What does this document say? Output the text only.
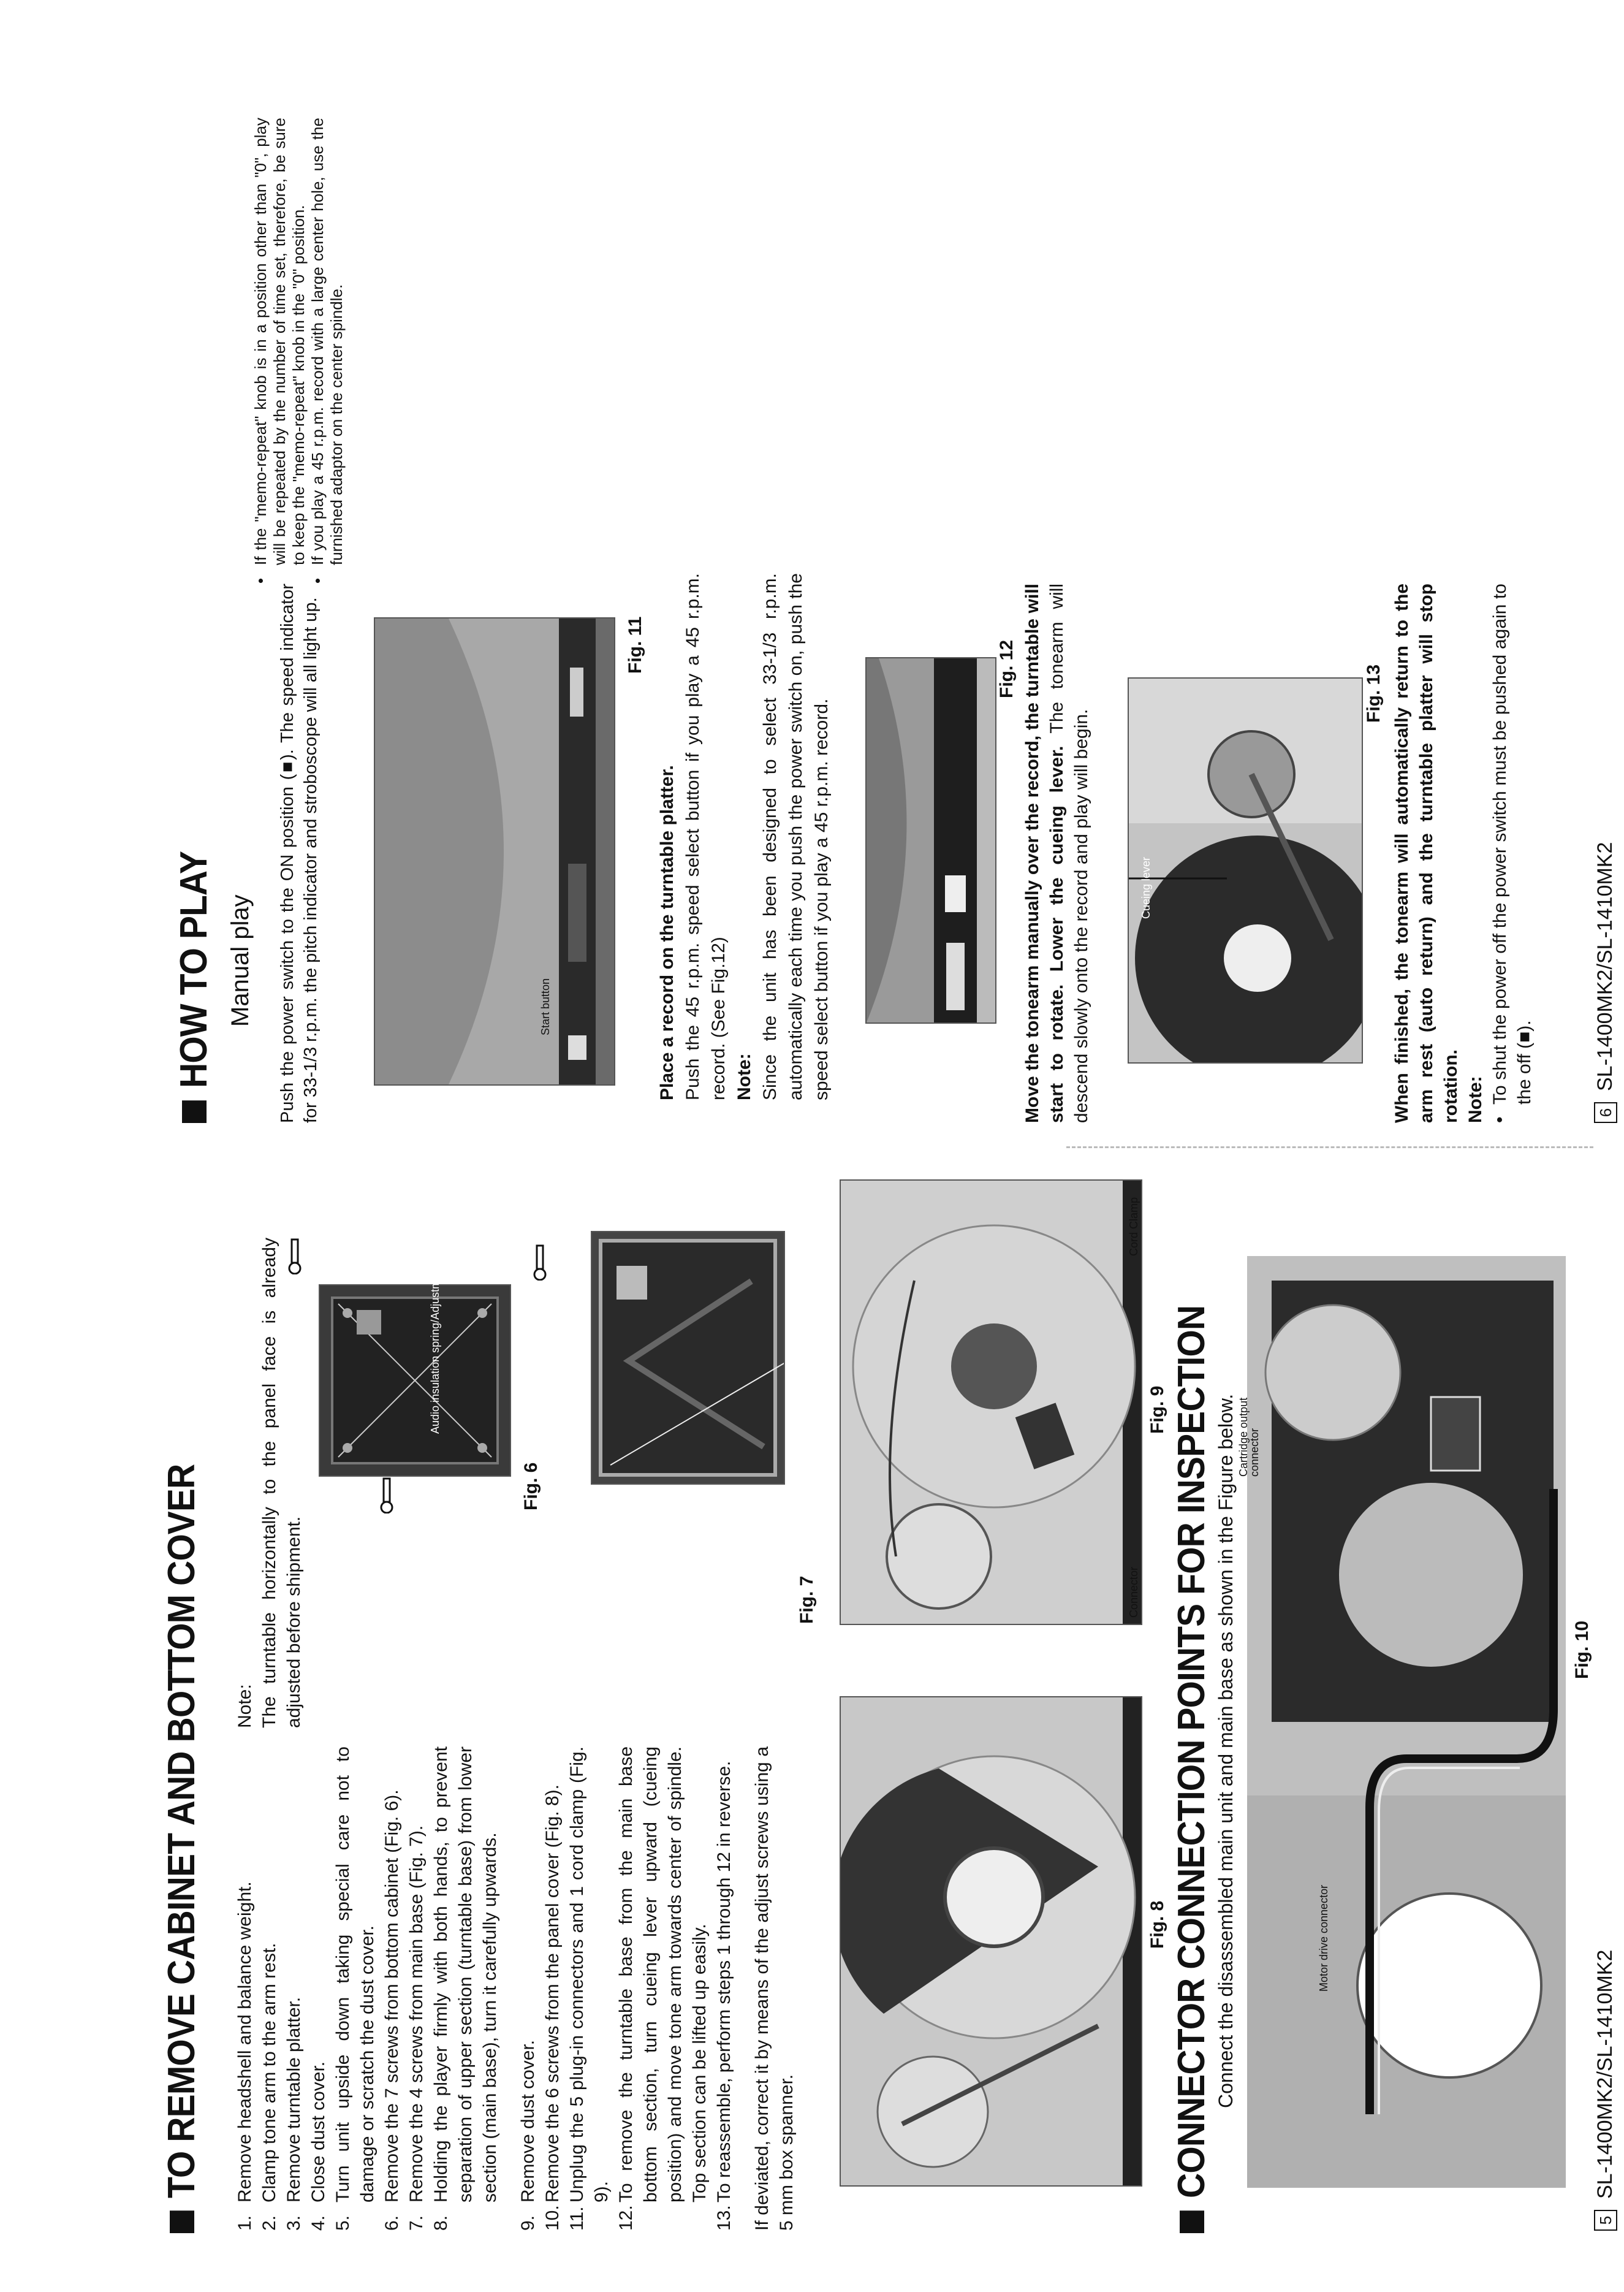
TO REMOVE CABINET AND BOTTOM COVER
1.
Remove headshell and balance weight.
2.
Clamp tone arm to the arm rest.
3.
Remove turntable platter.
4.
Close dust cover.
5.
Turn unit upside down taking special care not to damage or scratch the dust cover.
6.
Remove the 7 screws from bottom cabinet (Fig. 6).
7.
Remove the 4 screws from main base (Fig. 7).
8.
Holding the player firmly with both hands, to prevent separation of upper section (turntable base) from lower section (main base), turn it carefully upwards.
9.
Remove dust cover.
10.
Remove the 6 screws from the panel cover (Fig. 8).
11.
Unplug the 5 plug-in connectors and 1 cord clamp (Fig. 9).
12.
To remove the turntable base from the main base bottom section, turn cueing lever upward (cueing position) and move tone arm towards center of spindle. Top section can be lifted up easily.
13.
To reassemble, perform steps 1 through 12 in reverse. If deviated, correct it by means of the adjust screws using a 5 mm box spanner.
Note: The turntable horizontally to the panel face is already adjusted before shipment.
Audio insulation spring/Adjustment
Fig. 6
Fig. 7
Fig. 8
Connector
Cord Clamp
Fig. 9 CONNECTOR CONNECTION POINTS FOR INSPECTION Connect the disassembled main unit and main base as shown in the Figure below.	Motor drive connector
Cartridge output connector
Fig. 10
5
SL-1400MK2/SL-1410MK2
HOW TO PLAY Manual play Push the power switch to the ON position (■). The speed indicator for 33-1/3 r.p.m. the pitch indicator and stroboscope will all light up.	Start button
Fig. 11
Place a record on the turntable platter. Push the 45 r.p.m. speed select button if you play a 45 r.p.m. record. (See Fig.12) Note: Since the unit has been designed to select 33-1/3 r.p.m. automatically each time you push the power switch on, push the speed select button if you play a 45 r.p.m. record.
Fig. 12 Move the tonearm manually over the record, the turntable will start to rotate. Lower the cueing lever. The tonearm will descend slowly onto the record and play will begin.	Cueing lever
Fig. 13 When finished, the tonearm will automatically return to the arm rest (auto return) and the turntable platter will stop rotation. Note: •
To shut the power off the power switch must be pushed again to the off (■).
6
SL-1400MK2/SL-1410MK2
•
If the "memo-repeat" knob is in a position other than "0", play will be repeated by the number of time set, therefore, be sure to keep the "memo-repeat" knob in the "0" position.
•
If you play a 45 r.p.m. record with a large center hole, use the furnished adaptor on the center spindle.
